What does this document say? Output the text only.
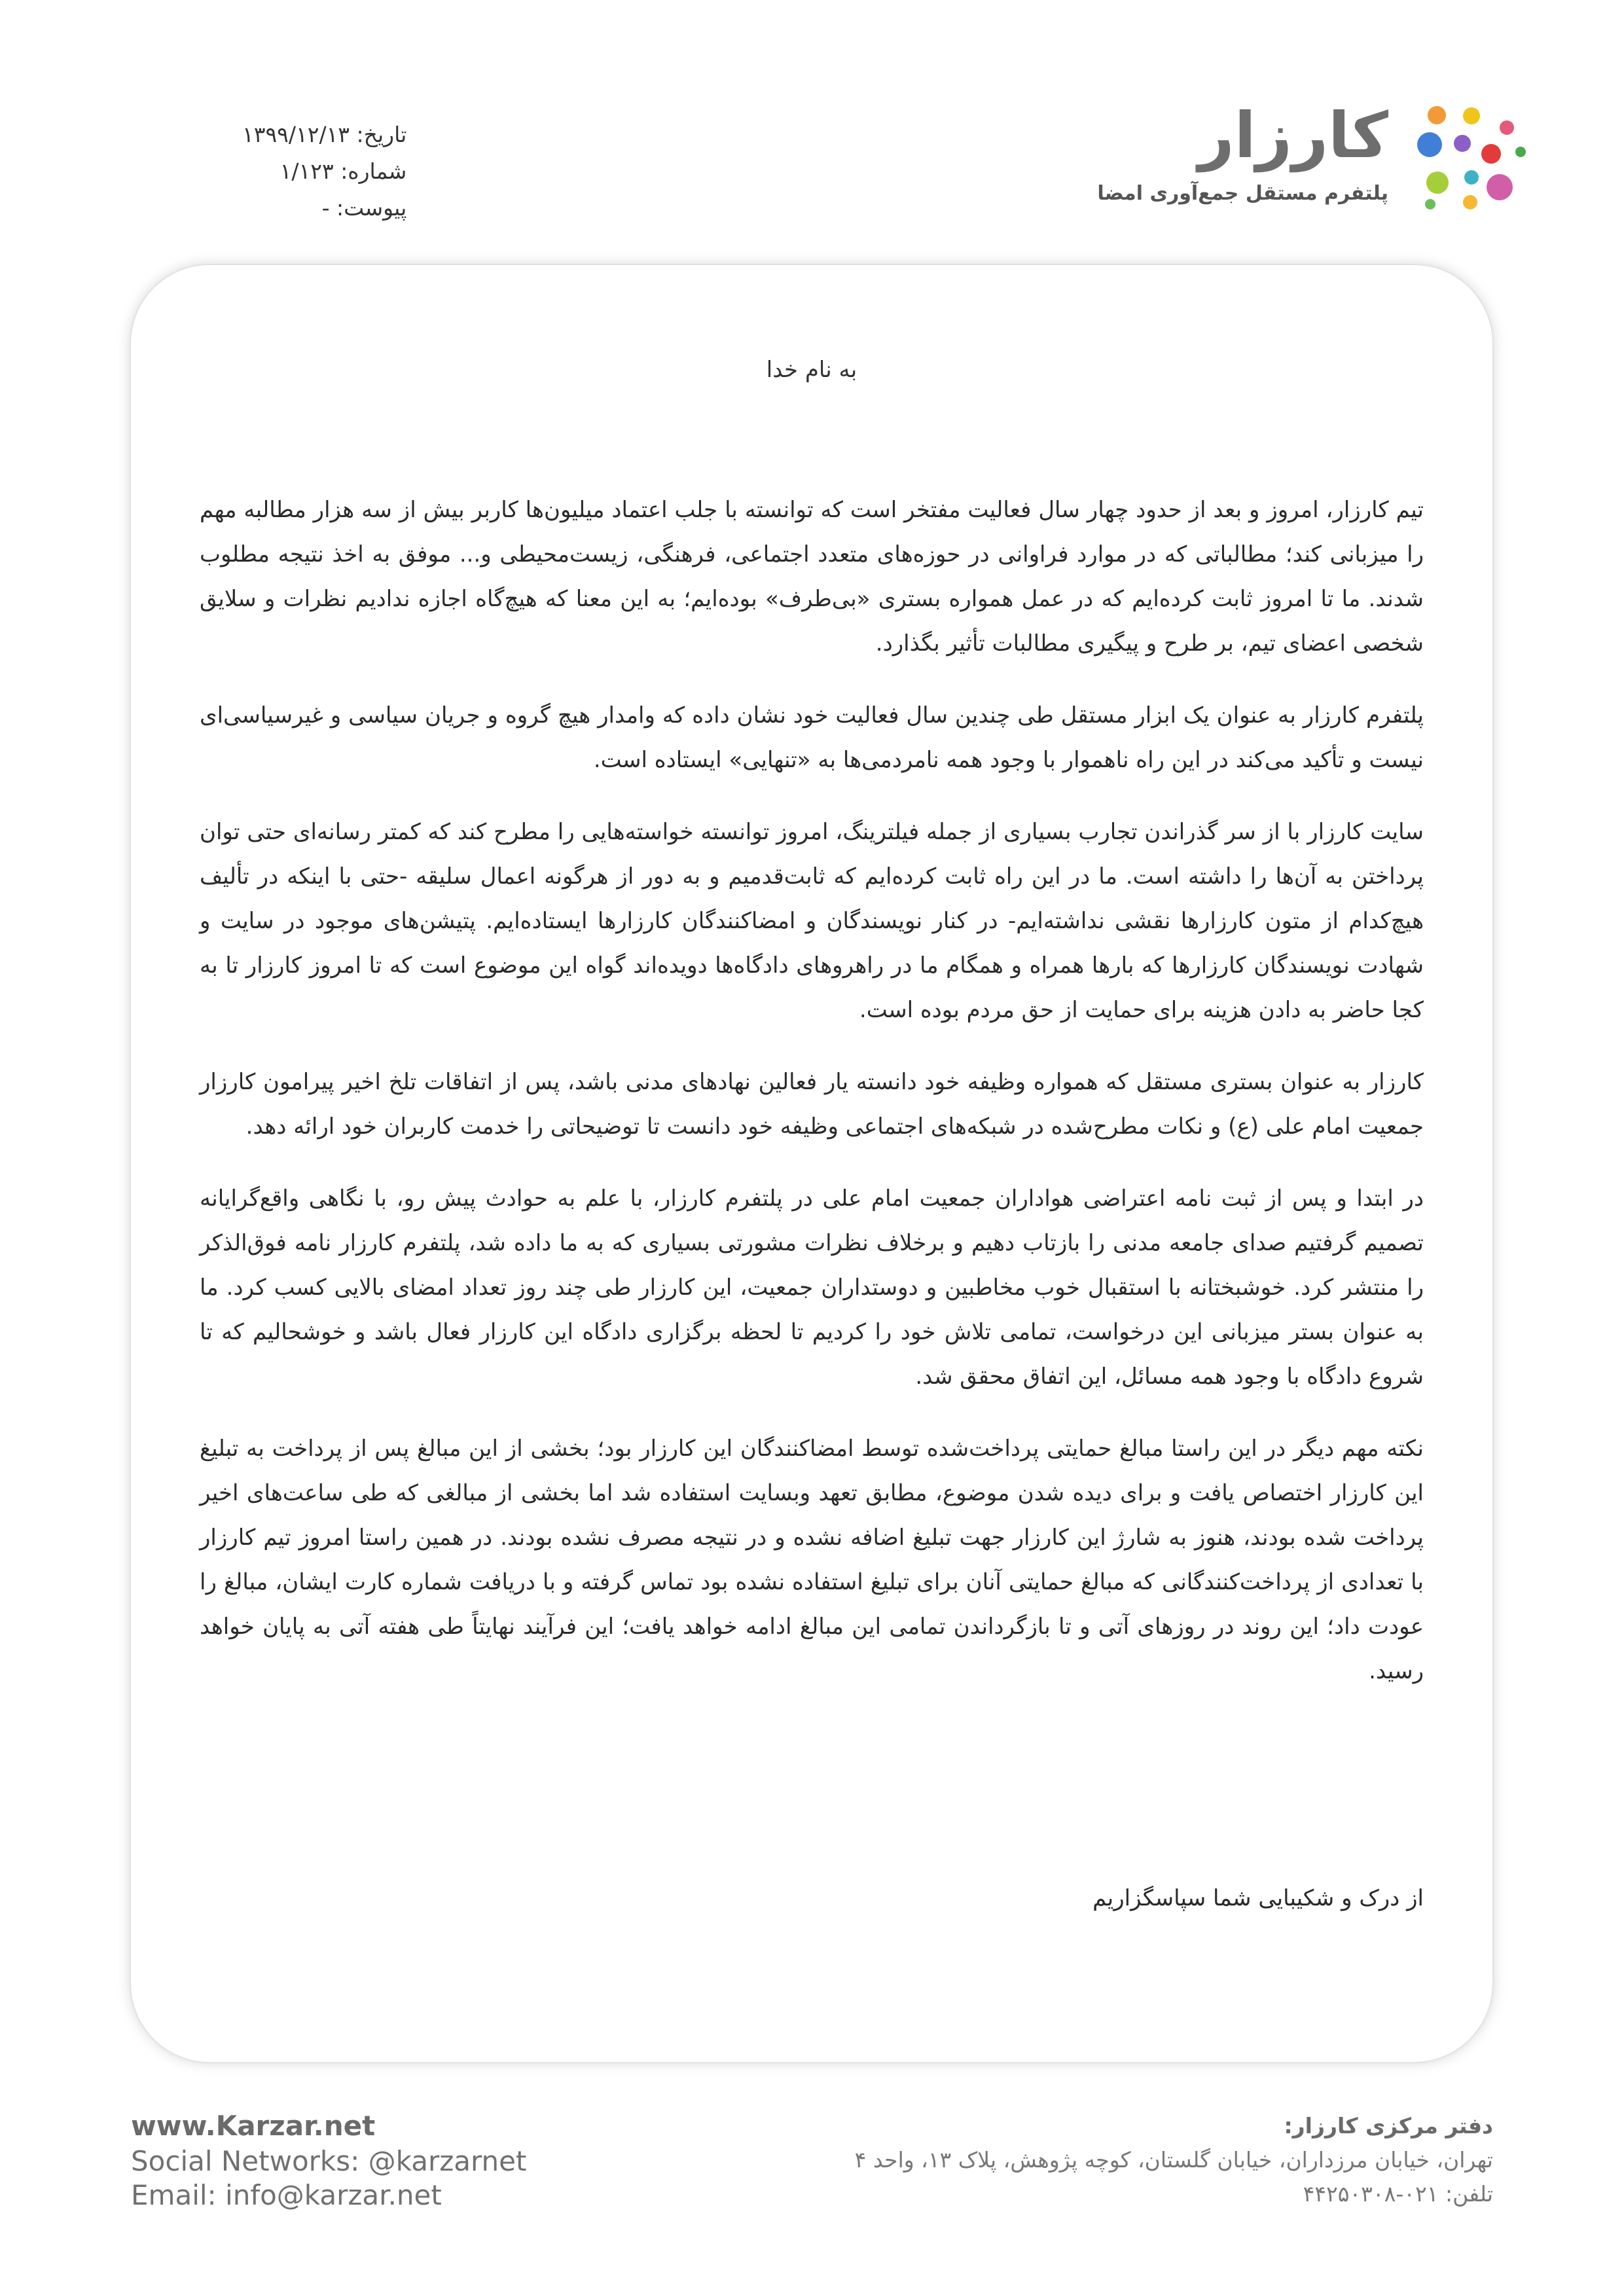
کارزار
پلتفرم مستقل جمع‌آوری امضا
تاریخ: ۱۳۹۹/۱۲/۱۳
شماره: ۱/۱۲۳
پیوست: -
به نام خدا

تیم کارزار، امروز و بعد از حدود چهار سال فعالیت مفتخر است که توانسته با جلب اعتماد میلیون‌ها کاربر بیش از سه هزار مطالبه مهم را میزبانی کند؛ مطالباتی که در موارد فراوانی در حوزه‌های متعدد اجتماعی، فرهنگی، زیست‌محیطی و... موفق به اخذ نتیجه مطلوب شدند. ما تا امروز ثابت کرده‌ایم که در عمل همواره بستری «بی‌طرف» بوده‌ایم؛ به این معنا که هیچ‌گاه اجازه ندادیم نظرات و سلایق شخصی اعضای تیم، بر طرح و پیگیری مطالبات تأثیر بگذارد.

پلتفرم کارزار به عنوان یک ابزار مستقل طی چندین سال فعالیت خود نشان داده که وامدار هیچ گروه و جریان سیاسی و غیرسیاسی‌ای نیست و تأکید می‌کند در این راه ناهموار با وجود همه نامردمی‌ها به «تنهایی» ایستاده است.

سایت کارزار با از سر گذراندن تجارب بسیاری از جمله فیلترینگ، امروز توانسته خواسته‌هایی را مطرح کند که کمتر رسانه‌ای حتی توان پرداختن به آن‌ها را داشته است. ما در این راه ثابت کرده‌ایم که ثابت‌قدمیم و به دور از هرگونه اعمال سلیقه -حتی با اینکه در تألیف هیچ‌کدام از متون کارزارها نقشی نداشته‌ایم- در کنار نویسندگان و امضاکنندگان کارزارها ایستاده‌ایم. پتیشن‌های موجود در سایت و شهادت نویسندگان کارزارها که بارها همراه و همگام ما در راهروهای دادگاه‌ها دویده‌اند گواه این موضوع است که تا امروز کارزار تا به کجا حاضر به دادن هزینه برای حمایت از حق مردم بوده است.

کارزار به عنوان بستری مستقل که همواره وظیفه خود دانسته یار فعالین نهادهای مدنی باشد، پس از اتفاقات تلخ اخیر پیرامون کارزار جمعیت امام علی (ع) و نکات مطرح‌شده در شبکه‌های اجتماعی وظیفه خود دانست تا توضیحاتی را خدمت کاربران خود ارائه دهد.

در ابتدا و پس از ثبت نامه اعتراضی هواداران جمعیت امام علی در پلتفرم کارزار، با علم به حوادث پیش رو، با نگاهی واقع‌گرایانه تصمیم گرفتیم صدای جامعه مدنی را بازتاب دهیم و برخلاف نظرات مشورتی بسیاری که به ما داده شد، پلتفرم کارزار نامه فوق‌الذکر را منتشر کرد. خوشبختانه با استقبال خوب مخاطبین و دوستداران جمعیت، این کارزار طی چند روز تعداد امضای بالایی کسب کرد. ما به عنوان بستر میزبانی این درخواست، تمامی تلاش خود را کردیم تا لحظه برگزاری دادگاه این کارزار فعال باشد و خوشحالیم که تا شروع دادگاه با وجود همه مسائل، این اتفاق محقق شد.

نکته مهم دیگر در این راستا مبالغ حمایتی پرداخت‌شده توسط امضاکنندگان این کارزار بود؛ بخشی از این مبالغ پس از پرداخت به تبلیغ این کارزار اختصاص یافت و برای دیده شدن موضوع، مطابق تعهد وبسایت استفاده شد اما بخشی از مبالغی که طی ساعت‌های اخیر پرداخت شده بودند، هنوز به شارژ این کارزار جهت تبلیغ اضافه نشده و در نتیجه مصرف نشده بودند. در همین راستا امروز تیم کارزار با تعدادی از پرداخت‌کنندگانی که مبالغ حمایتی آنان برای تبلیغ استفاده نشده بود تماس گرفته و با دریافت شماره کارت ایشان، مبالغ را عودت داد؛ این روند در روزهای آتی و تا بازگرداندن تمامی این مبالغ ادامه خواهد یافت؛ این فرآیند نهایتاً طی هفته آتی به پایان خواهد رسید.

از درک و شکیبایی شما سپاسگزاریم
www.Karzar.net
Social Networks: @karzarnet
Email: info@karzar.net
دفتر مرکزی کارزار:
تهران، خیابان مرزداران، خیابان گلستان، کوچه پژوهش، پلاک ۱۳، واحد ۴
تلفن: ۰۲۱-۴۴۲۵۰۳۰۸
